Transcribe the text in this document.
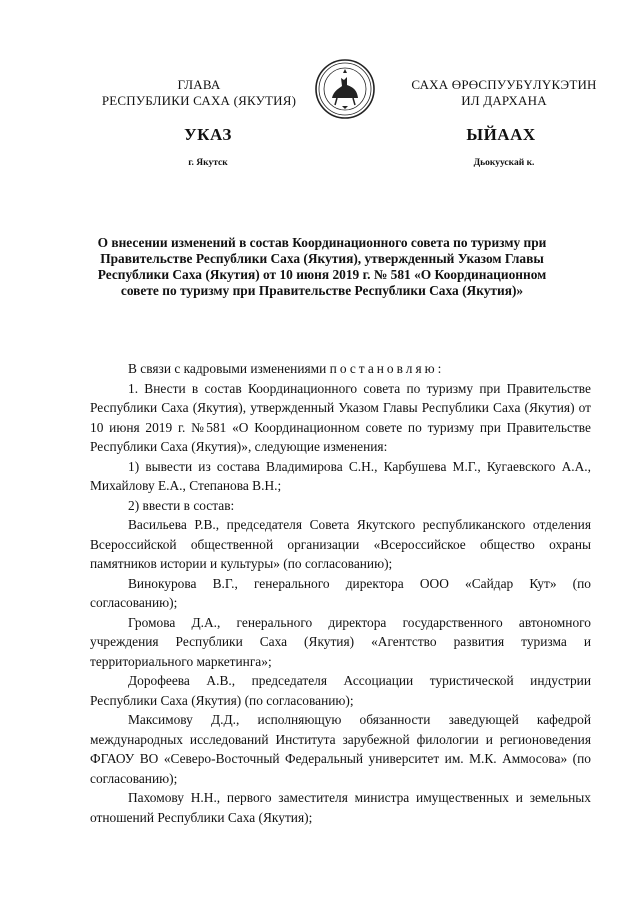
ГЛАВА
РЕСПУБЛИКИ САХА (ЯКУТИЯ)
САХА ӨРӨСПУУБҮЛҮКЭТИН
ИЛ ДАРХАНА
УКАЗ	ЫЙААХ
г. Якутск	Дьокуускай к.
О внесении изменений в состав Координационного совета по туризму при Правительстве Республики Саха (Якутия), утвержденный Указом Главы Республики Саха (Якутия) от 10 июня 2019 г. № 581 «О Координационном совете по туризму при Правительстве Республики Саха (Якутия)»

В связи с кадровыми изменениями постановляю:

1. Внести в состав Координационного совета по туризму при Правительстве Республики Саха (Якутия), утвержденный Указом Главы Республики Саха (Якутия) от 10 июня 2019 г. №581 «О Координационном совете по туризму при Правительстве Республики Саха (Якутия)», следующие изменения:

1) вывести из состава Владимирова С.Н., Карбушева М.Г., Кугаевского А.А., Михайлову Е.А., Степанова В.Н.;

2) ввести в состав:

Васильева Р.В., председателя Совета Якутского республиканского отделения Всероссийской общественной организации «Всероссийское общество охраны памятников истории и культуры» (по согласованию);

Винокурова В.Г., генерального директора ООО «Сайдар Кут» (по согласованию);

Громова Д.А., генерального директора государственного автономного учреждения Республики Саха (Якутия) «Агентство развития туризма и территориального маркетинга»;

Дорофеева А.В., председателя Ассоциации туристической индустрии Республики Саха (Якутия) (по согласованию);

Максимову Д.Д., исполняющую обязанности заведующей кафедрой международных исследований Института зарубежной филологии и регионоведения ФГАОУ ВО «Северо-Восточный Федеральный университет им. М.К. Аммосова» (по согласованию);

Пахомову Н.Н., первого заместителя министра имущественных и земельных отношений Республики Саха (Якутия);
